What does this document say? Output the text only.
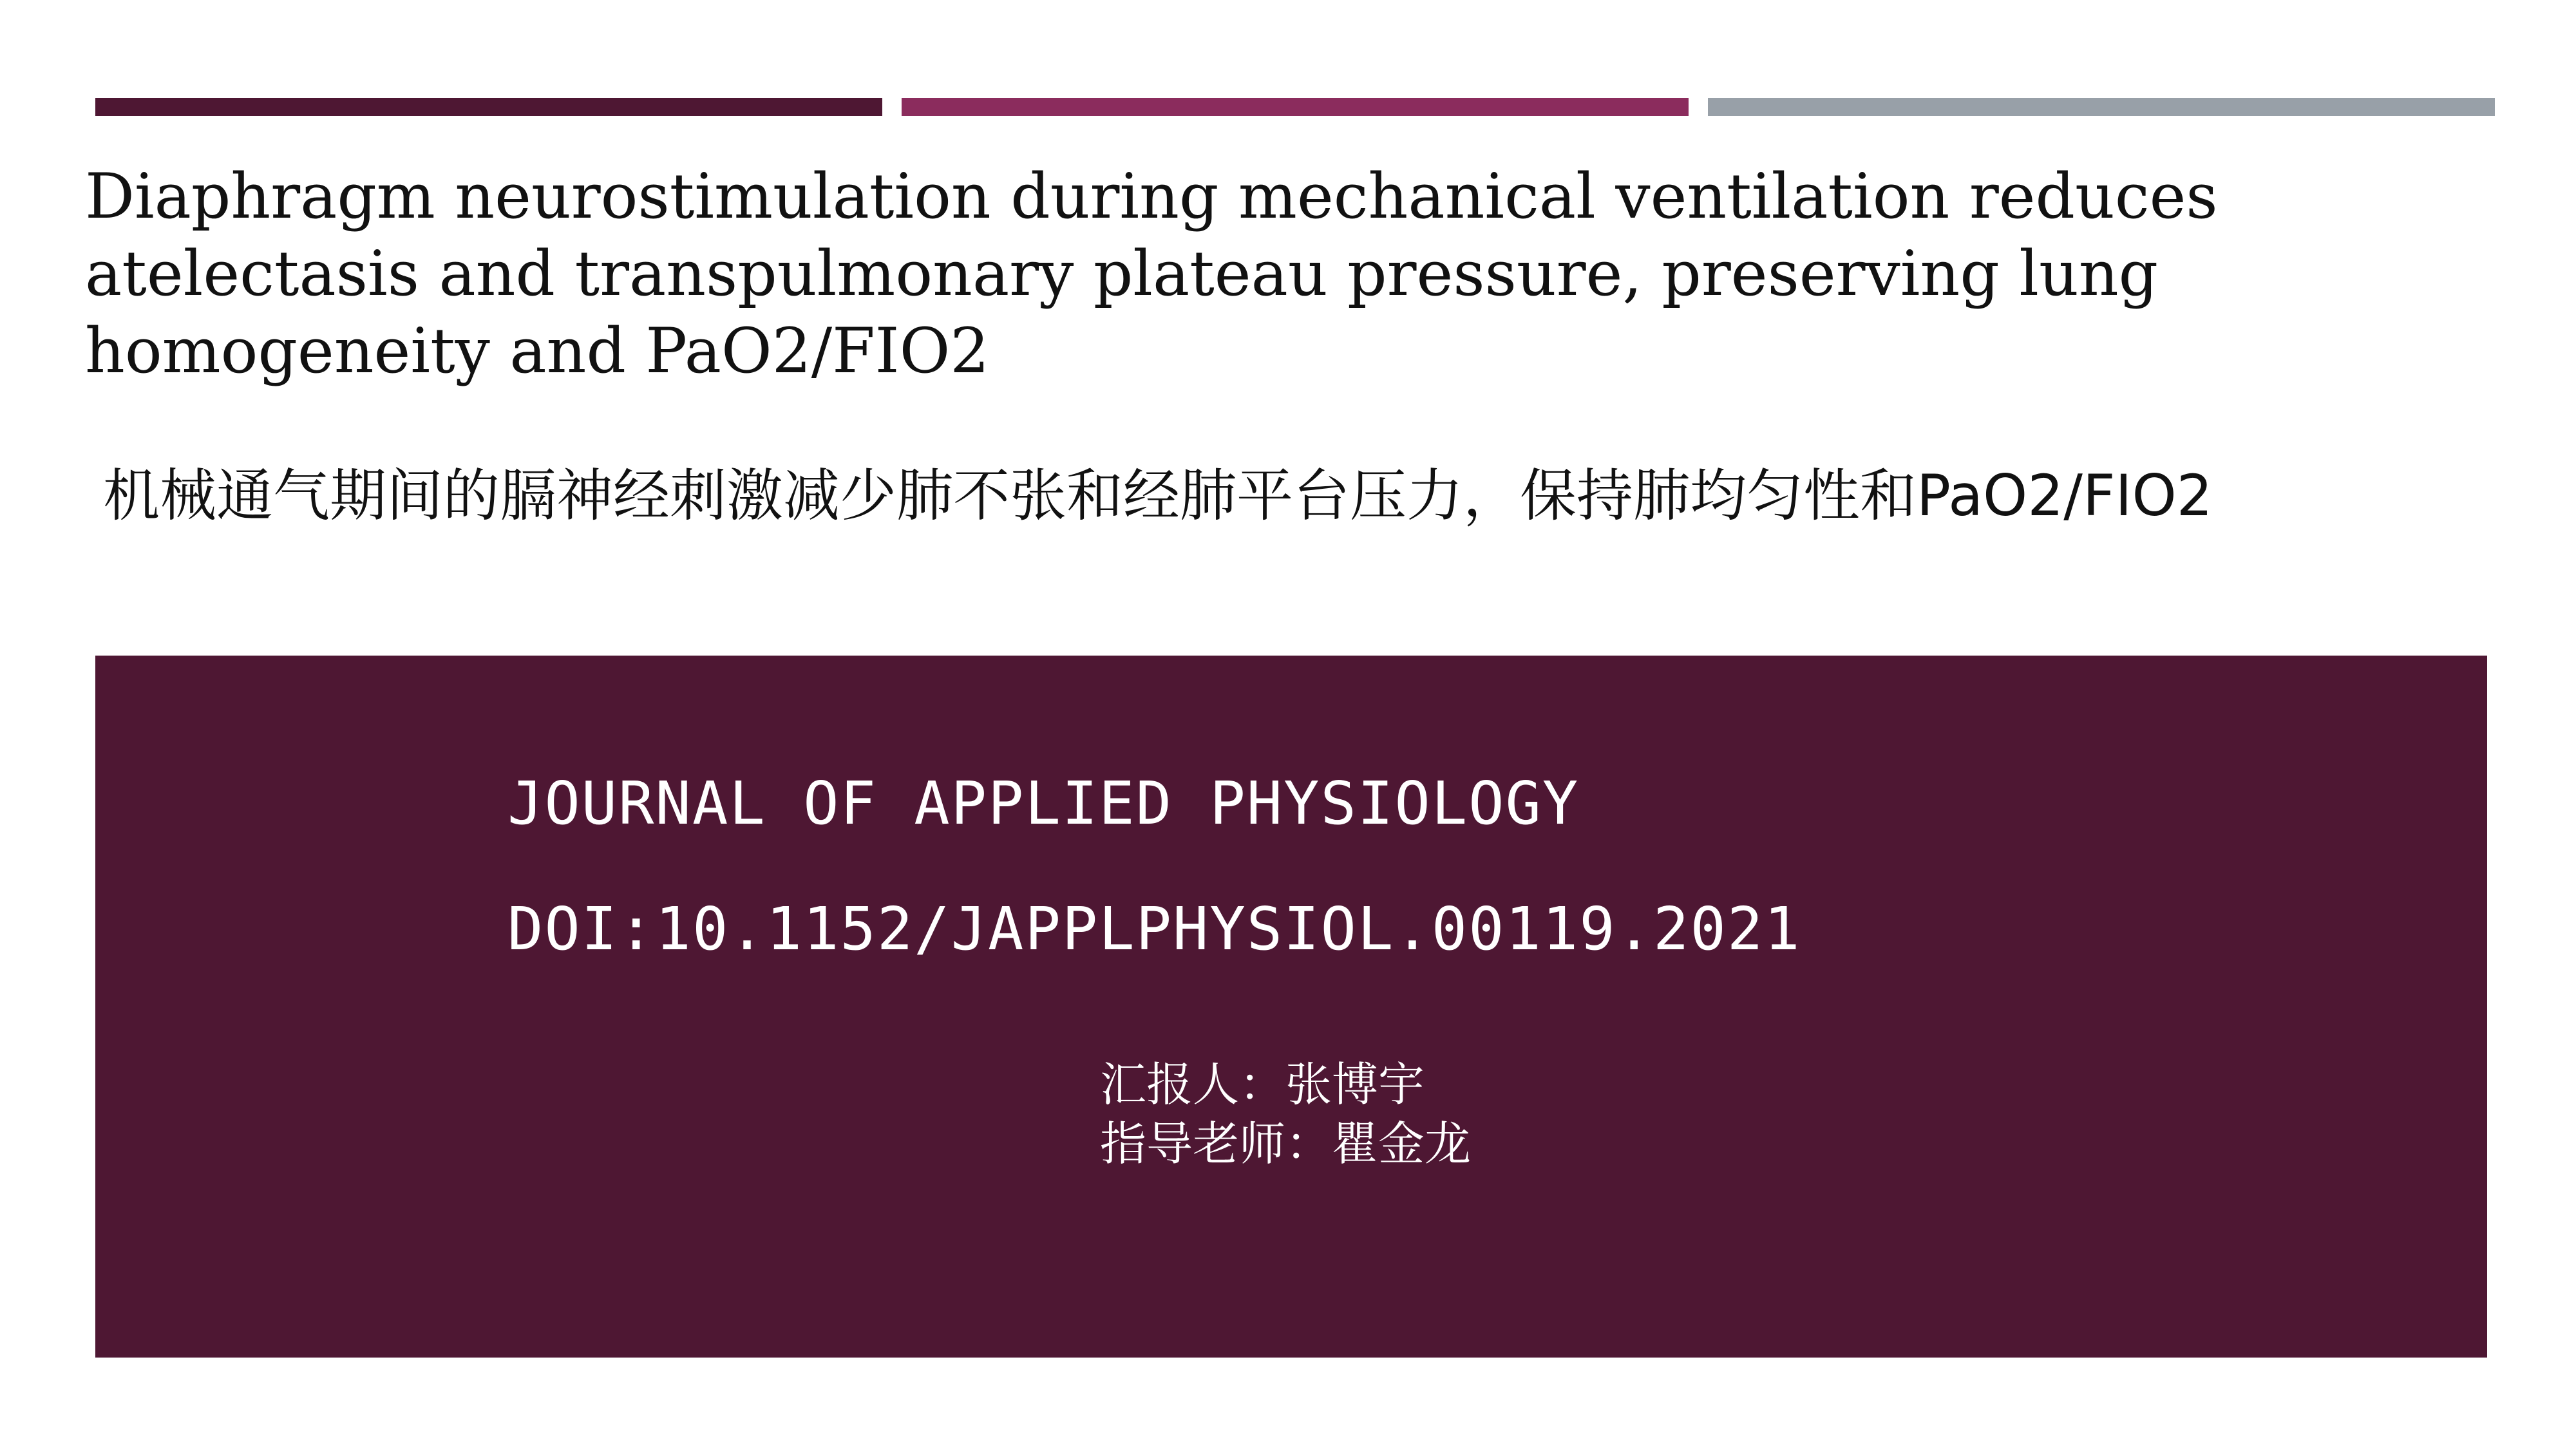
Diaphragm neurostimulation during mechanical ventilation reduces
atelectasis and transpulmonary plateau pressure, preserving lung
homogeneity and PaO2/FIO2
机械通气期间的膈神经刺激减少肺不张和经肺平台压力，保持肺均匀性和PaO2/FIO2
JOURNAL OF APPLIED PHYSIOLOGY
DOI:10.1152/JAPPLPHYSIOL.00119.2021
汇报人：张博宇
指导老师：瞿金龙
